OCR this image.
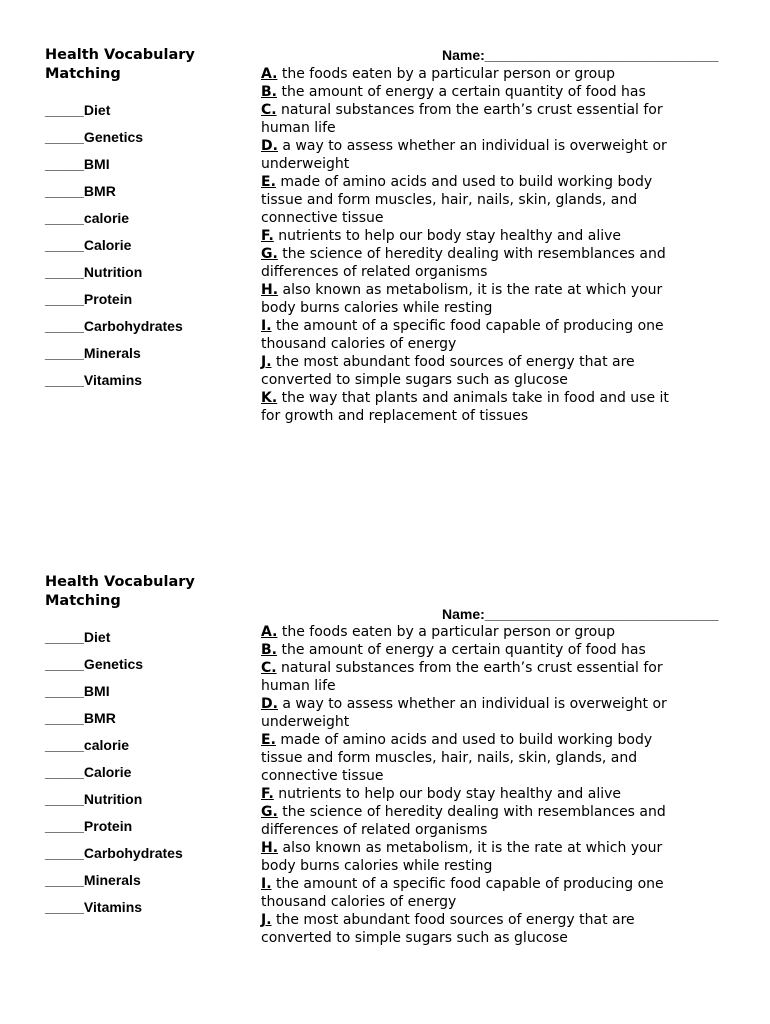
Health Vocabulary
Matching
Name:______________________________
_____Diet
_____Genetics
_____BMI
_____BMR
_____calorie
_____Calorie
_____Nutrition
_____Protein
_____Carbohydrates
_____Minerals
_____Vitamins
A. the foods eaten by a particular person or group
B. the amount of energy a certain quantity of food has
C. natural substances from the earth’s crust essential for
human life
D. a way to assess whether an individual is overweight or
underweight
E. made of amino acids and used to build working body
tissue and form muscles, hair, nails, skin, glands, and
connective tissue
F. nutrients to help our body stay healthy and alive
G. the science of heredity dealing with resemblances and
differences of related organisms
H. also known as metabolism, it is the rate at which your
body burns calories while resting
I. the amount of a specific food capable of producing one
thousand calories of energy
J. the most abundant food sources of energy that are
converted to simple sugars such as glucose
K. the way that plants and animals take in food and use it
for growth and replacement of tissues
Health Vocabulary
Matching
Name:______________________________
_____Diet
_____Genetics
_____BMI
_____BMR
_____calorie
_____Calorie
_____Nutrition
_____Protein
_____Carbohydrates
_____Minerals
_____Vitamins
A. the foods eaten by a particular person or group
B. the amount of energy a certain quantity of food has
C. natural substances from the earth’s crust essential for
human life
D. a way to assess whether an individual is overweight or
underweight
E. made of amino acids and used to build working body
tissue and form muscles, hair, nails, skin, glands, and
connective tissue
F. nutrients to help our body stay healthy and alive
G. the science of heredity dealing with resemblances and
differences of related organisms
H. also known as metabolism, it is the rate at which your
body burns calories while resting
I. the amount of a specific food capable of producing one
thousand calories of energy
J. the most abundant food sources of energy that are
converted to simple sugars such as glucose
